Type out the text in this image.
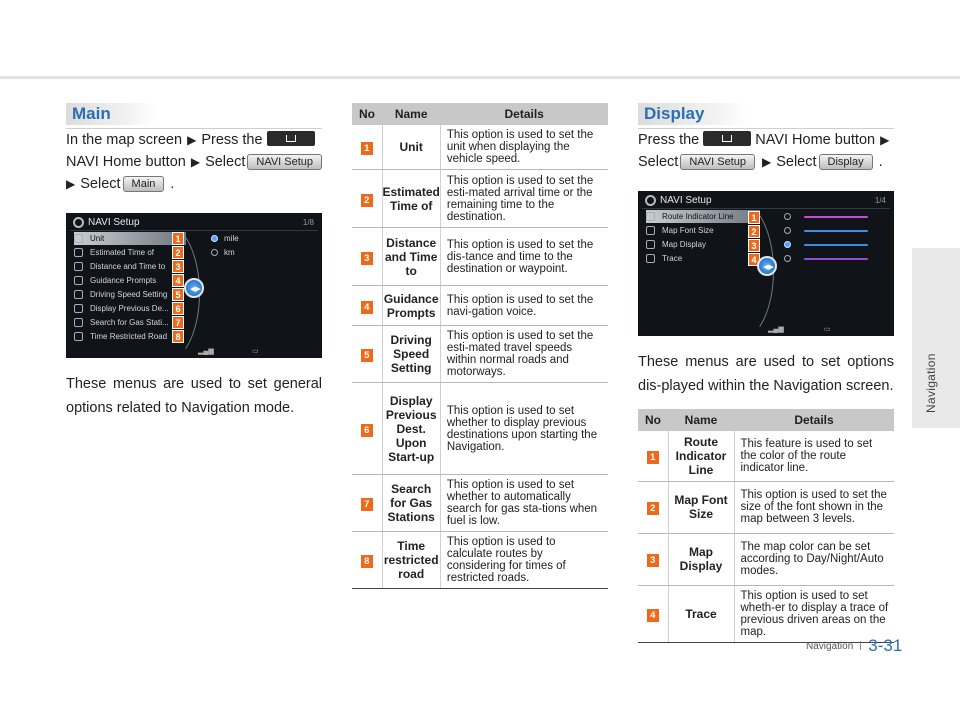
Navigation
Main
In the map screen ▶ Press the
NAVI Home button ▶ Select NAVI Setup
▶ Select Main .
NAVI Setup	1/8
Unit
Estimated Time of
Distance and Time to
Guidance Prompts
Driving Speed Setting
Display Previous De...
Search for Gas Stati...
Time Restricted Road
1
2
3
4
5
6
7
8
◀▶
mile
km
▂▄▆	▭
These menus are used to set general options related to Navigation mode.
No	Name	Details
1	Unit	This option is used to set the unit when displaying the vehicle speed.
2	Estimated Time of	This option is used to set the esti-mated arrival time or the remaining time to the destination.
3	Distance and Time to	This option is used to set the dis-tance and time to the destination or waypoint.
4	Guidance Prompts	This option is used to set the navi-gation voice.
5	Driving Speed Setting	This option is used to set the esti-mated travel speeds within normal roads and motorways.
6	Display Previous Dest. Upon Start-up	This option is used to set whether to display previous destinations upon starting the Navigation.
7	Search for Gas Stations	This option is used to set whether to automatically search for gas sta-tions when fuel is low.
8	Time restricted road	This option is used to calculate routes by considering for times of restricted roads.
Display
Press the	NAVI Home button ▶
Select NAVI Setup ▶ Select Display .
NAVI Setup	1/4
Route Indicator Line
Map Font Size
Map Display
Trace
1
2
3
4
◀▶
▂▄▆	▭
These menus are used to set options dis-played within the Navigation screen.
No	Name	Details
1	Route Indicator Line	This feature is used to set the color of the route indicator line.
2	Map Font Size	This option is used to set the size of the font shown in the map between 3 levels.
3	Map Display	The map color can be set according to Day/Night/Auto modes.
4	Trace	This option is used to set wheth-er to display a trace of previous driven areas on the map.
Navigation 3-31
